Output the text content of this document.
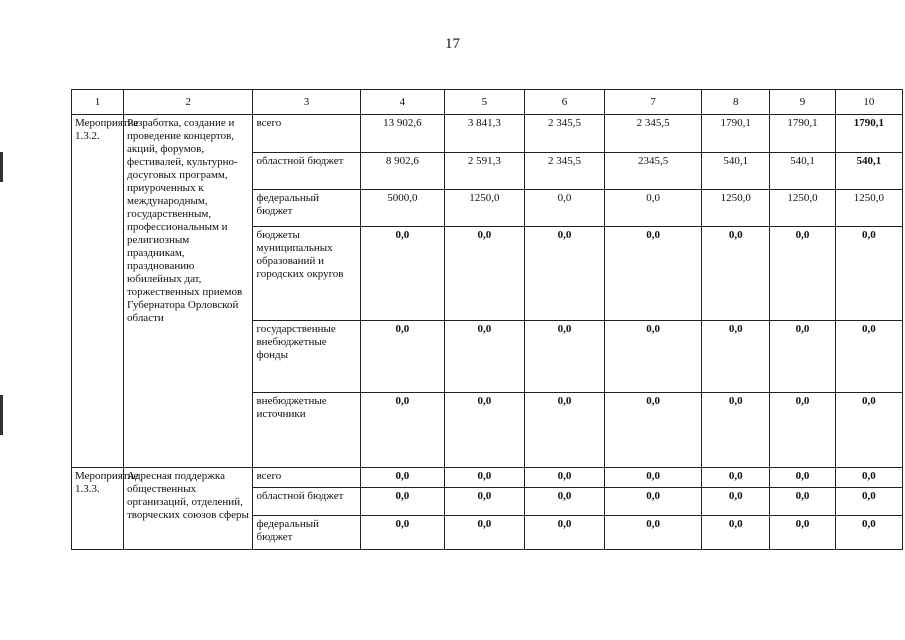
17
1	2	3	4	5	6	7	8	9	10
Мероприятие 1.3.2.	Разработка, создание и проведение концертов, акций, форумов, фестивалей, культурно-досуговых программ, приуроченных к международным, государственным, профессиональным и религиозным праздникам, празднованию юбилейных дат, торжественных приемов Губернатора Орловской области	всего	13 902,6	3 841,3	2 345,5	2 345,5	1790,1	1790,1	1790,1
		областной бюджет	8 902,6	2 591,3	2 345,5	2345,5	540,1	540,1	540,1
		федеральный бюджет	5000,0	1250,0	0,0	0,0	1250,0	1250,0	1250,0
		бюджеты муниципальных образований и городских округов	0,0	0,0	0,0	0,0	0,0	0,0	0,0
		государственные внебюджетные фонды	0,0	0,0	0,0	0,0	0,0	0,0	0,0
		внебюджетные источники	0,0	0,0	0,0	0,0	0,0	0,0	0,0
Мероприятие 1.3.3.	Адресная поддержка общественных организаций, отделений, творческих союзов сферы	всего	0,0	0,0	0,0	0,0	0,0	0,0	0,0
		областной бюджет	0,0	0,0	0,0	0,0	0,0	0,0	0,0
		федеральный бюджет	0,0	0,0	0,0	0,0	0,0	0,0	0,0
